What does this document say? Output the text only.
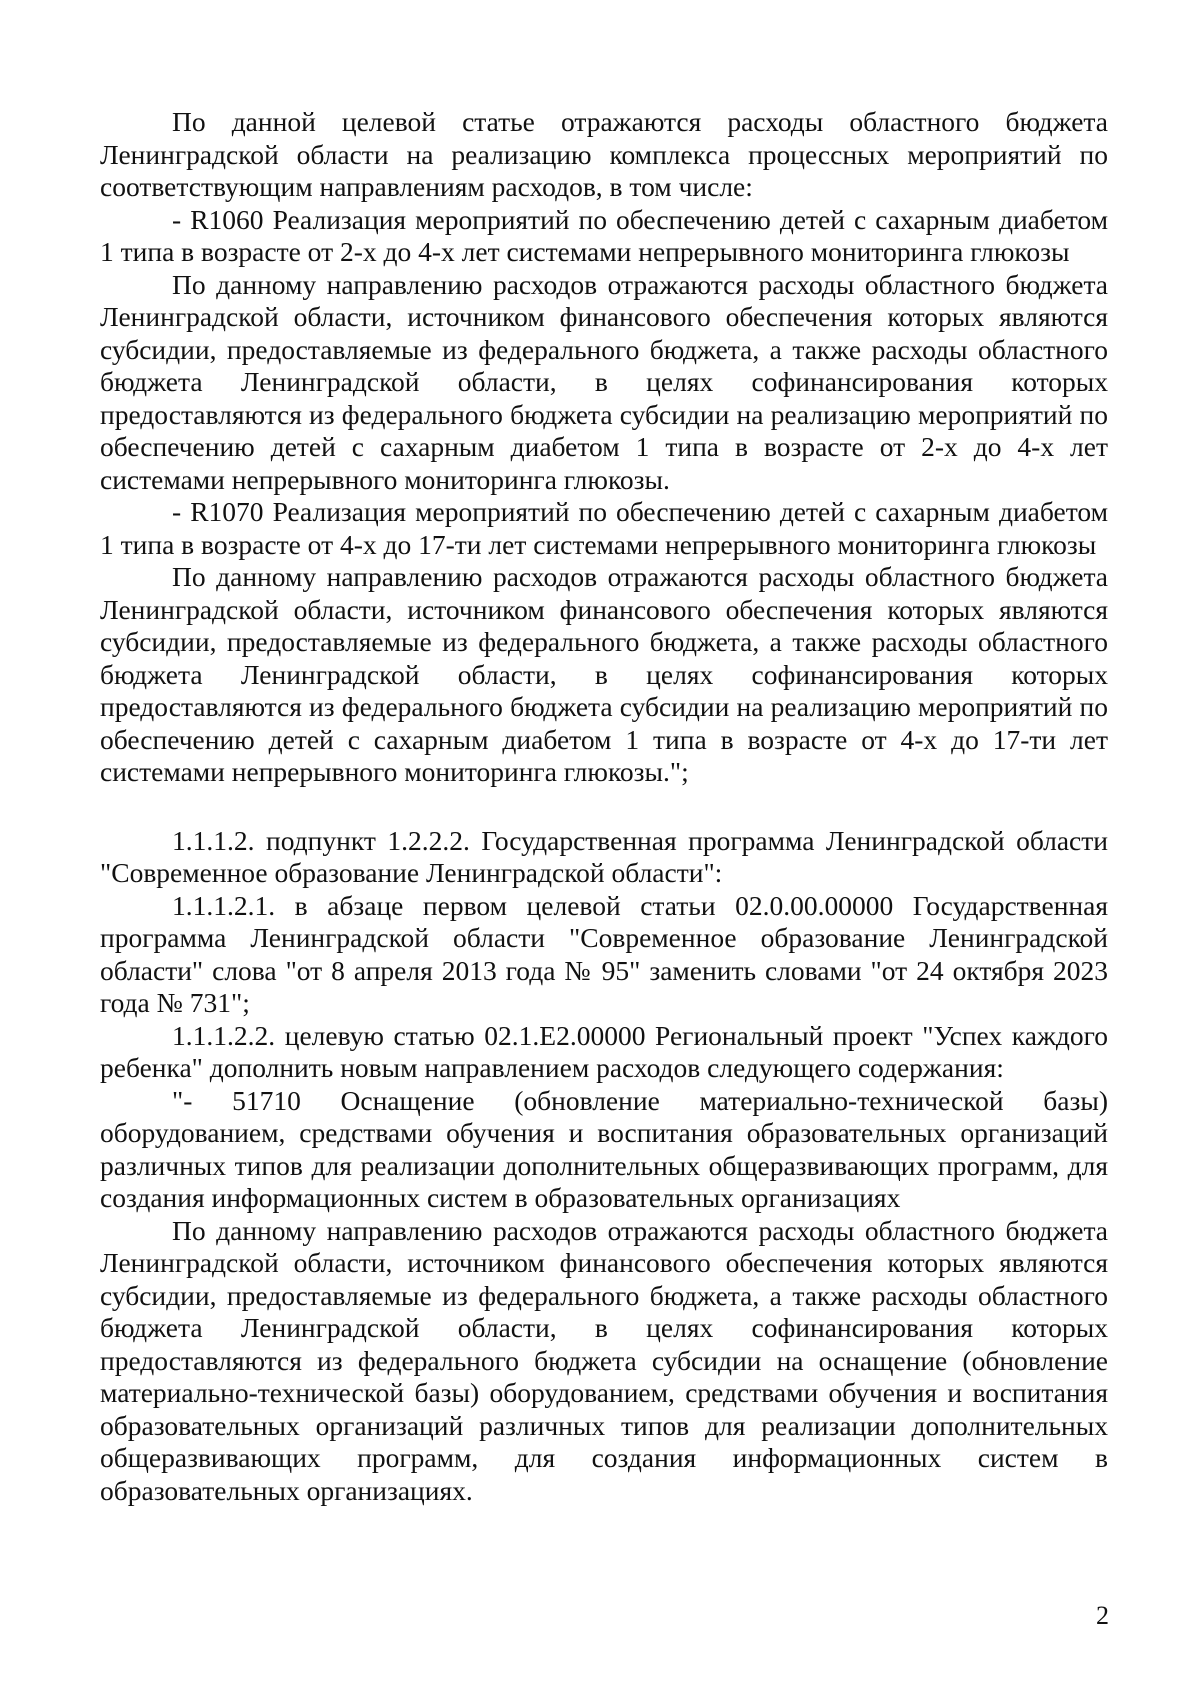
По данной целевой статье отражаются расходы областного бюджета Ленинградской области на реализацию комплекса процессных мероприятий по соответствующим направлениям расходов, в том числе:

- R1060 Реализация мероприятий по обеспечению детей с сахарным диабетом 1 типа в возрасте от 2-х до 4-х лет системами непрерывного мониторинга глюкозы

По данному направлению расходов отражаются расходы областного бюджета Ленинградской области, источником финансового обеспечения которых являются субсидии, предоставляемые из федерального бюджета, а также расходы областного бюджета Ленинградской области, в целях софинансирования которых предоставляются из федерального бюджета субсидии на реализацию мероприятий по обеспечению детей с сахарным диабетом 1 типа в возрасте от 2-х до 4-х лет системами непрерывного мониторинга глюкозы.

- R1070 Реализация мероприятий по обеспечению детей с сахарным диабетом 1 типа в возрасте от 4-х до 17-ти лет системами непрерывного мониторинга глюкозы

По данному направлению расходов отражаются расходы областного бюджета Ленинградской области, источником финансового обеспечения которых являются субсидии, предоставляемые из федерального бюджета, а также расходы областного бюджета Ленинградской области, в целях софинансирования которых предоставляются из федерального бюджета субсидии на реализацию мероприятий по обеспечению детей с сахарным диабетом 1 типа в возрасте от 4-х до 17-ти лет системами непрерывного мониторинга глюкозы.";

1.1.1.2. подпункт 1.2.2.2. Государственная программа Ленинградской области "Современное образование Ленинградской области":

1.1.1.2.1. в абзаце первом целевой статьи 02.0.00.00000 Государственная программа Ленинградской области "Современное образование Ленинградской области" слова "от 8 апреля 2013 года № 95" заменить словами "от 24 октября 2023 года № 731";

1.1.1.2.2. целевую статью 02.1.Е2.00000 Региональный проект "Успех каждого ребенка" дополнить новым направлением расходов следующего содержания:

"- 51710 Оснащение (обновление материально-технической базы) оборудованием, средствами обучения и воспитания образовательных организаций различных типов для реализации дополнительных общеразвивающих программ, для создания информационных систем в образовательных организациях

По данному направлению расходов отражаются расходы областного бюджета Ленинградской области, источником финансового обеспечения которых являются субсидии, предоставляемые из федерального бюджета, а также расходы областного бюджета Ленинградской области, в целях софинансирования которых предоставляются из федерального бюджета субсидии на оснащение (обновление материально-технической базы) оборудованием, средствами обучения и воспитания образовательных организаций различных типов для реализации дополнительных общеразвивающих программ, для создания информационных систем в образовательных организациях.

2
